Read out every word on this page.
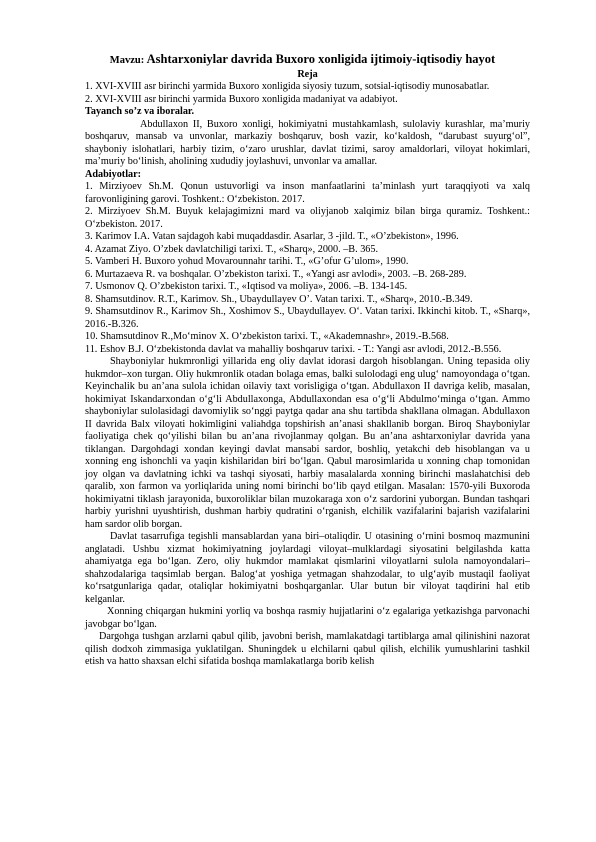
Mavzu: Ashtarxoniylar davrida Buxoro xonligida ijtimoiy-iqtisodiy hayot
Reja

1. XVI-XVIII asr birinchi yarmida Buxoro xonligida siyosiy tuzum, sotsial-iqtisodiy munosabatlar.

2. XVI-XVIII asr birinchi yarmida Buxoro xonligida madaniyat va adabiyot.

Tayanch so’z va iboralar.

Abdullaxon II, Buxoro xonligi, hokimiyatni mustahkamlash, sulolaviy kurashlar, ma’muriy boshqaruv, mansab va unvonlar, markaziy boshqaruv, bosh vazir, ko‘kaldosh, “darubast suyurg‘ol”, shayboniy islohatlari, harbiy tizim, o‘zaro urushlar, davlat tizimi, saroy amaldorlari, viloyat hokimlari, ma’muriy bo‘linish, aholining xududiy joylashuvi, unvonlar va amallar.

Adabiyotlar:

1. Mirziyoev Sh.M. Qonun ustuvorligi va inson manfaatlarini ta’minlash yurt taraqqiyoti va xalq farovonligining garovi. Toshkent.: O‘zbekiston. 2017.

2. Mirziyoev Sh.M. Buyuk kelajagimizni mard va oliyjanob xalqimiz bilan birga quramiz. Toshkent.: O‘zbekiston. 2017.

3. Karimov I.A. Vatan sajdagoh kabi muqaddasdir. Asarlar, 3 -jild. T., «O’zbekiston», 1996.

4. Azamat Ziyo. O’zbek davlatchiligi tarixi. T., «Sharq», 2000. –B. 365.

5. Vamberi H. Buxoro yohud Movarounnahr tarihi. T., «G’ofur G’ulom», 1990.

6. Murtazaeva R. va boshqalar. O’zbekiston tarixi. T., «Yangi asr avlodi», 2003. –B. 268-289.

7. Usmonov Q. O’zbekiston tarixi. T., «Iqtisod va moliya», 2006. –B. 134-145.

8. Shamsutdinov. R.T., Karimov. Sh., Ubaydullayev O’. Vatan tarixi. T., «Sharq», 2010.-B.349.

9. Shamsutdinov R., Karimov Sh., Xoshimov S., Ubaydullayev. O‘. Vatan tarixi. Ikkinchi kitob. T., «Sharq», 2016.-B.326.

10. Shamsutdinov R.,Mo‘minov X. O‘zbekiston tarixi. T., «Akademnashr», 2019.-B.568.

11. Eshov B.J. O‘zbekistonda davlat va mahalliy boshqaruv tarixi. - T.: Yangi asr avlodi, 2012.-B.556.

Shayboniylar hukmronligi yillarida eng oliy davlat idorasi dargoh hisoblangan. Uning tepasida oliy hukmdor–xon turgan. Oliy hukmronlik otadan bolaga emas, balki sulolodagi eng ulug‘ namoyondaga o‘tgan. Keyinchalik bu an’ana sulola ichidan oilaviy taxt vorisligiga o‘tgan. Abdullaxon II davriga kelib, masalan, hokimiyat Iskandarxondan o‘g‘li Abdullaxonga, Abdullaxondan esa o‘g‘li Abdulmo‘minga o‘tgan. Ammo shayboniylar sulolasidagi davomiylik so‘nggi paytga qadar ana shu tartibda shakllana olmagan. Abdullaxon II davrida Balx viloyati hokimligini valiahdga topshirish an’anasi shakllanib borgan. Biroq Shayboniylar faoliyatiga chek qo‘yilishi bilan bu an’ana rivojlanmay qolgan. Bu an’ana ashtarxoniylar davrida yana tiklangan. Dargohdagi xondan keyingi davlat mansabi sardor, boshliq, yetakchi deb hisoblangan va u xonning eng ishonchli va yaqin kishilaridan biri bo‘lgan. Qabul marosimlarida u xonning chap tomonidan joy olgan va davlatning ichki va tashqi siyosati, harbiy masalalarda xonning birinchi maslahatchisi deb qaralib, xon farmon va yorliqlarida uning nomi birinchi bo‘lib qayd etilgan. Masalan: 1570-yili Buxoroda hokimiyatni tiklash jarayonida, buxoroliklar bilan muzokaraga xon o‘z sardorini yuborgan. Bundan tashqari harbiy yurishni uyushtirish, dushman harbiy qudratini o‘rganish, elchilik vazifalarini bajarish vazifalarini ham sardor olib borgan.

Davlat tasarrufiga tegishli mansablardan yana biri–otaliqdir. U otasining o‘rnini bosmoq mazmunini anglatadi. Ushbu xizmat hokimiyatning joylardagi viloyat–mulklardagi siyosatini belgilashda katta ahamiyatga ega bo‘lgan. Zero, oliy hukmdor mamlakat qismlarini viloyatlarni sulola namoyondalari–shahzodalariga taqsimlab bergan. Balog‘at yoshiga yetmagan shahzodalar, to ulg‘ayib mustaqil faoliyat ko‘rsatgunlariga qadar, otaliqlar hokimiyatni boshqarganlar. Ular butun bir viloyat taqdirini hal etib kelganlar.

Xonning chiqargan hukmini yorliq va boshqa rasmiy hujjatlarini o‘z egalariga yetkazishga parvonachi javobgar bo‘lgan.

Dargohga tushgan arzlarni qabul qilib, javobni berish, mamlakatdagi tartiblarga amal qilinishini nazorat qilish dodxoh zimmasiga yuklatilgan. Shuningdek u elchilarni qabul qilish, elchilik yumushlarini tashkil etish va hatto shaxsan elchi sifatida boshqa mamlakatlarga borib kelish
